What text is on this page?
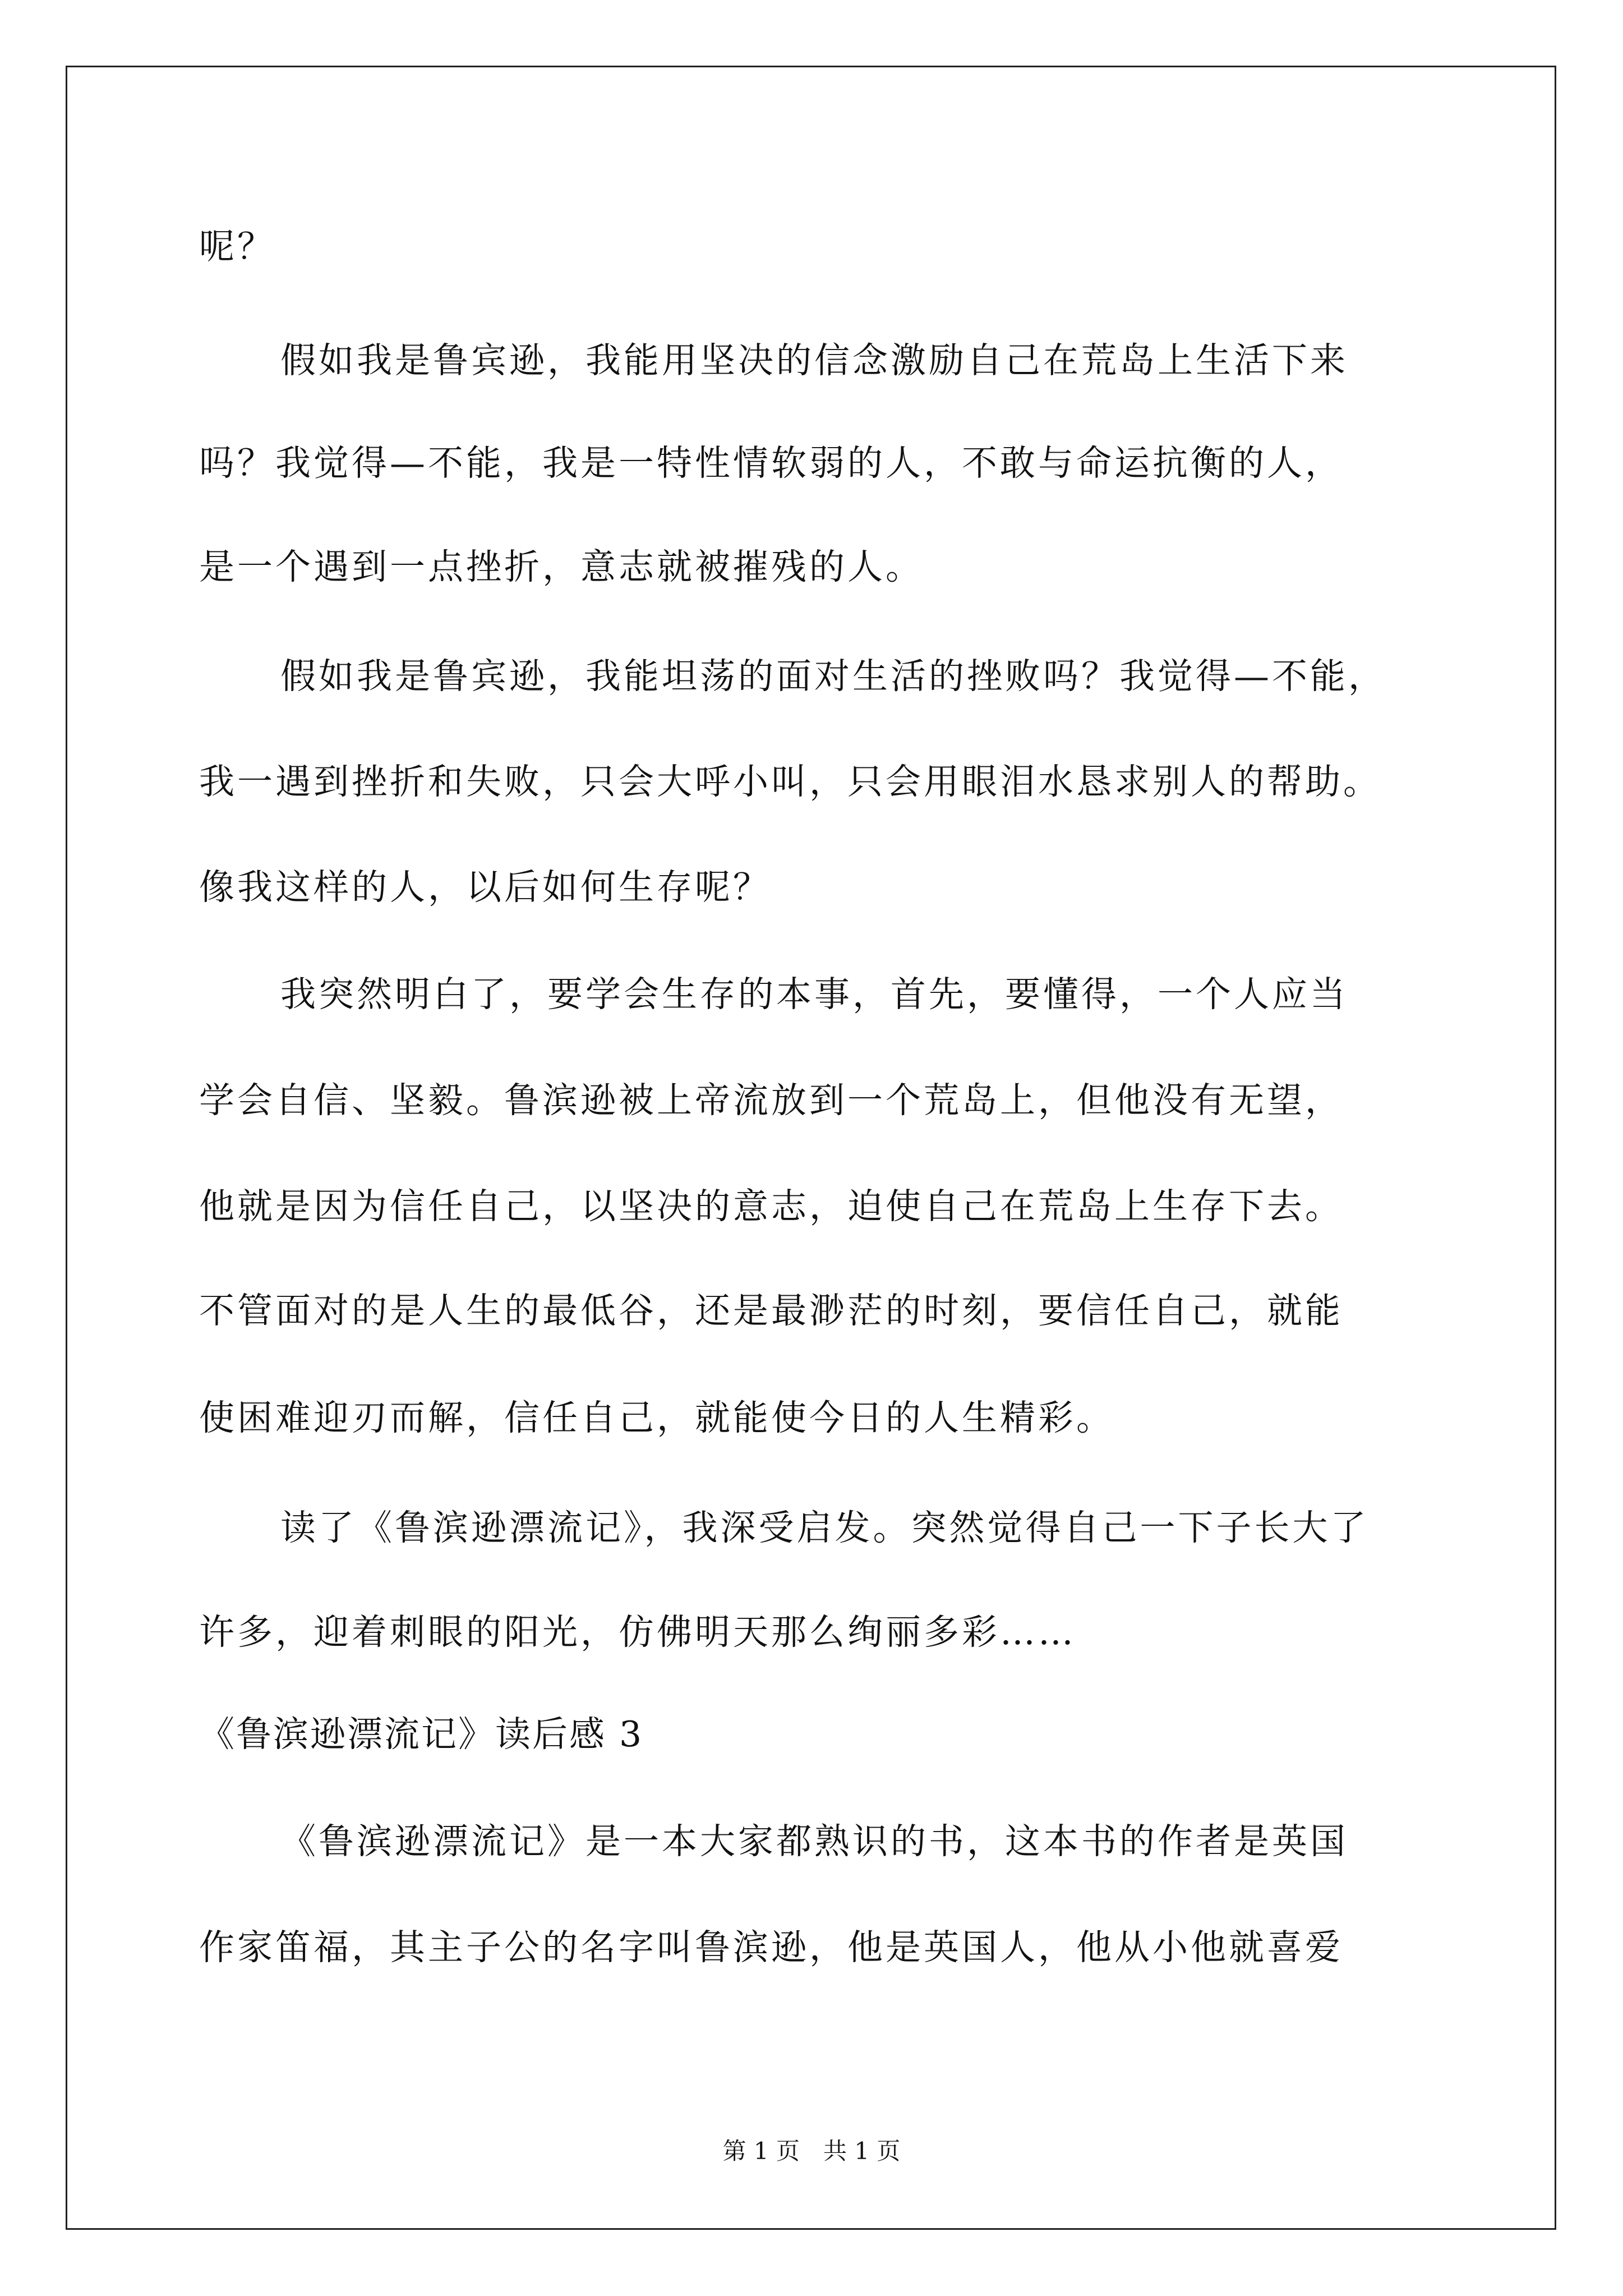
呢？
假如我是鲁宾逊，我能用坚决的信念激励自己在荒岛上生活下来
吗？我觉得—不能，我是一特性情软弱的人，不敢与命运抗衡的人，
是一个遇到一点挫折，意志就被摧残的人。
假如我是鲁宾逊，我能坦荡的面对生活的挫败吗？我觉得—不能，
我一遇到挫折和失败，只会大呼小叫，只会用眼泪水恳求别人的帮助。
像我这样的人，以后如何生存呢？
我突然明白了，要学会生存的本事，首先，要懂得，一个人应当
学会自信、坚毅。鲁滨逊被上帝流放到一个荒岛上，但他没有无望，
他就是因为信任自己，以坚决的意志，迫使自己在荒岛上生存下去。
不管面对的是人生的最低谷，还是最渺茫的时刻，要信任自己，就能
使困难迎刃而解，信任自己，就能使今日的人生精彩。
读了《鲁滨逊漂流记》，我深受启发。突然觉得自己一下子长大了
许多，迎着刺眼的阳光，仿佛明天那么绚丽多彩……
《鲁滨逊漂流记》读后感 3
《鲁滨逊漂流记》是一本大家都熟识的书，这本书的作者是英国
作家笛福，其主子公的名字叫鲁滨逊，他是英国人，他从小他就喜爱
第 1 页　共 1 页
